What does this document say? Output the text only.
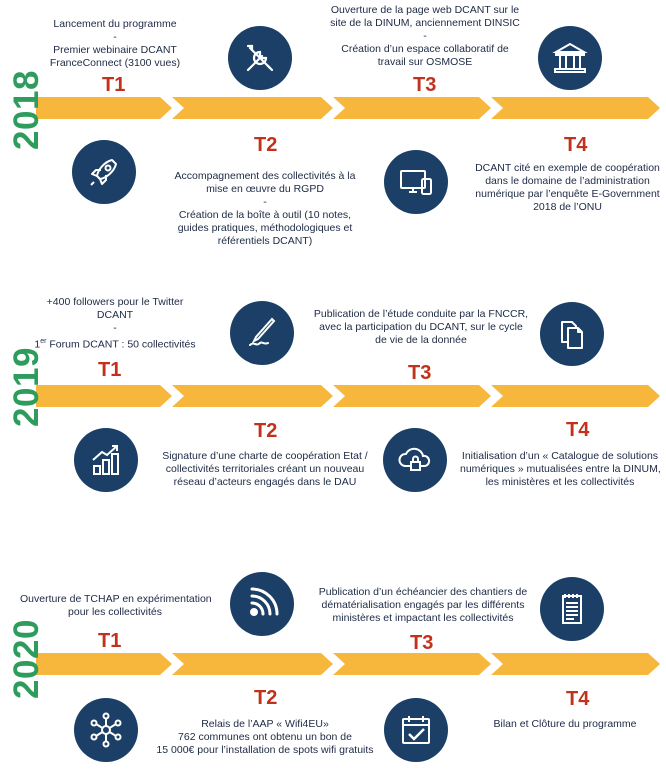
2018
Lancement du programme
-
Premier webinaire DCANT
FranceConnect (3100 vues)
T1
Ouverture de la page web DCANT sur le
site de la DINUM, anciennement DINSIC
-
Création d’un espace collaboratif de
travail sur OSMOSE
T3
T2
Accompagnement des collectivités à la
mise en œuvre du RGPD
-
Création de la boîte à outil (10 notes,
guides pratiques, méthodologiques et
référentiels DCANT)
T4
DCANT cité en exemple de coopération
dans le domaine de l’administration
numérique par l’enquête E-Government
2018 de l’ONU
2019
+400 followers pour le Twitter
DCANT
-
1er Forum DCANT : 50 collectivités
T1
Publication de l’étude conduite par la FNCCR,
avec la participation du DCANT, sur le cycle
de vie de la donnée
T3
T2
Signature d’une charte de coopération Etat /
collectivités territoriales créant un nouveau
réseau d’acteurs engagés dans le DAU
T4
Initialisation d’un « Catalogue de solutions
numériques » mutualisées entre la DINUM,
les ministères et les collectivités
2020
Ouverture de TCHAP en expérimentation
pour les collectivités
T1
Publication d’un échéancier des chantiers de
dématérialisation engagés par les différents
ministères et impactant les collectivités
T3
T2
Relais de l’AAP « Wifi4EU»
762 communes ont obtenu un bon de
15 000€ pour l’installation de spots wifi gratuits
T4
Bilan et Clôture du programme
